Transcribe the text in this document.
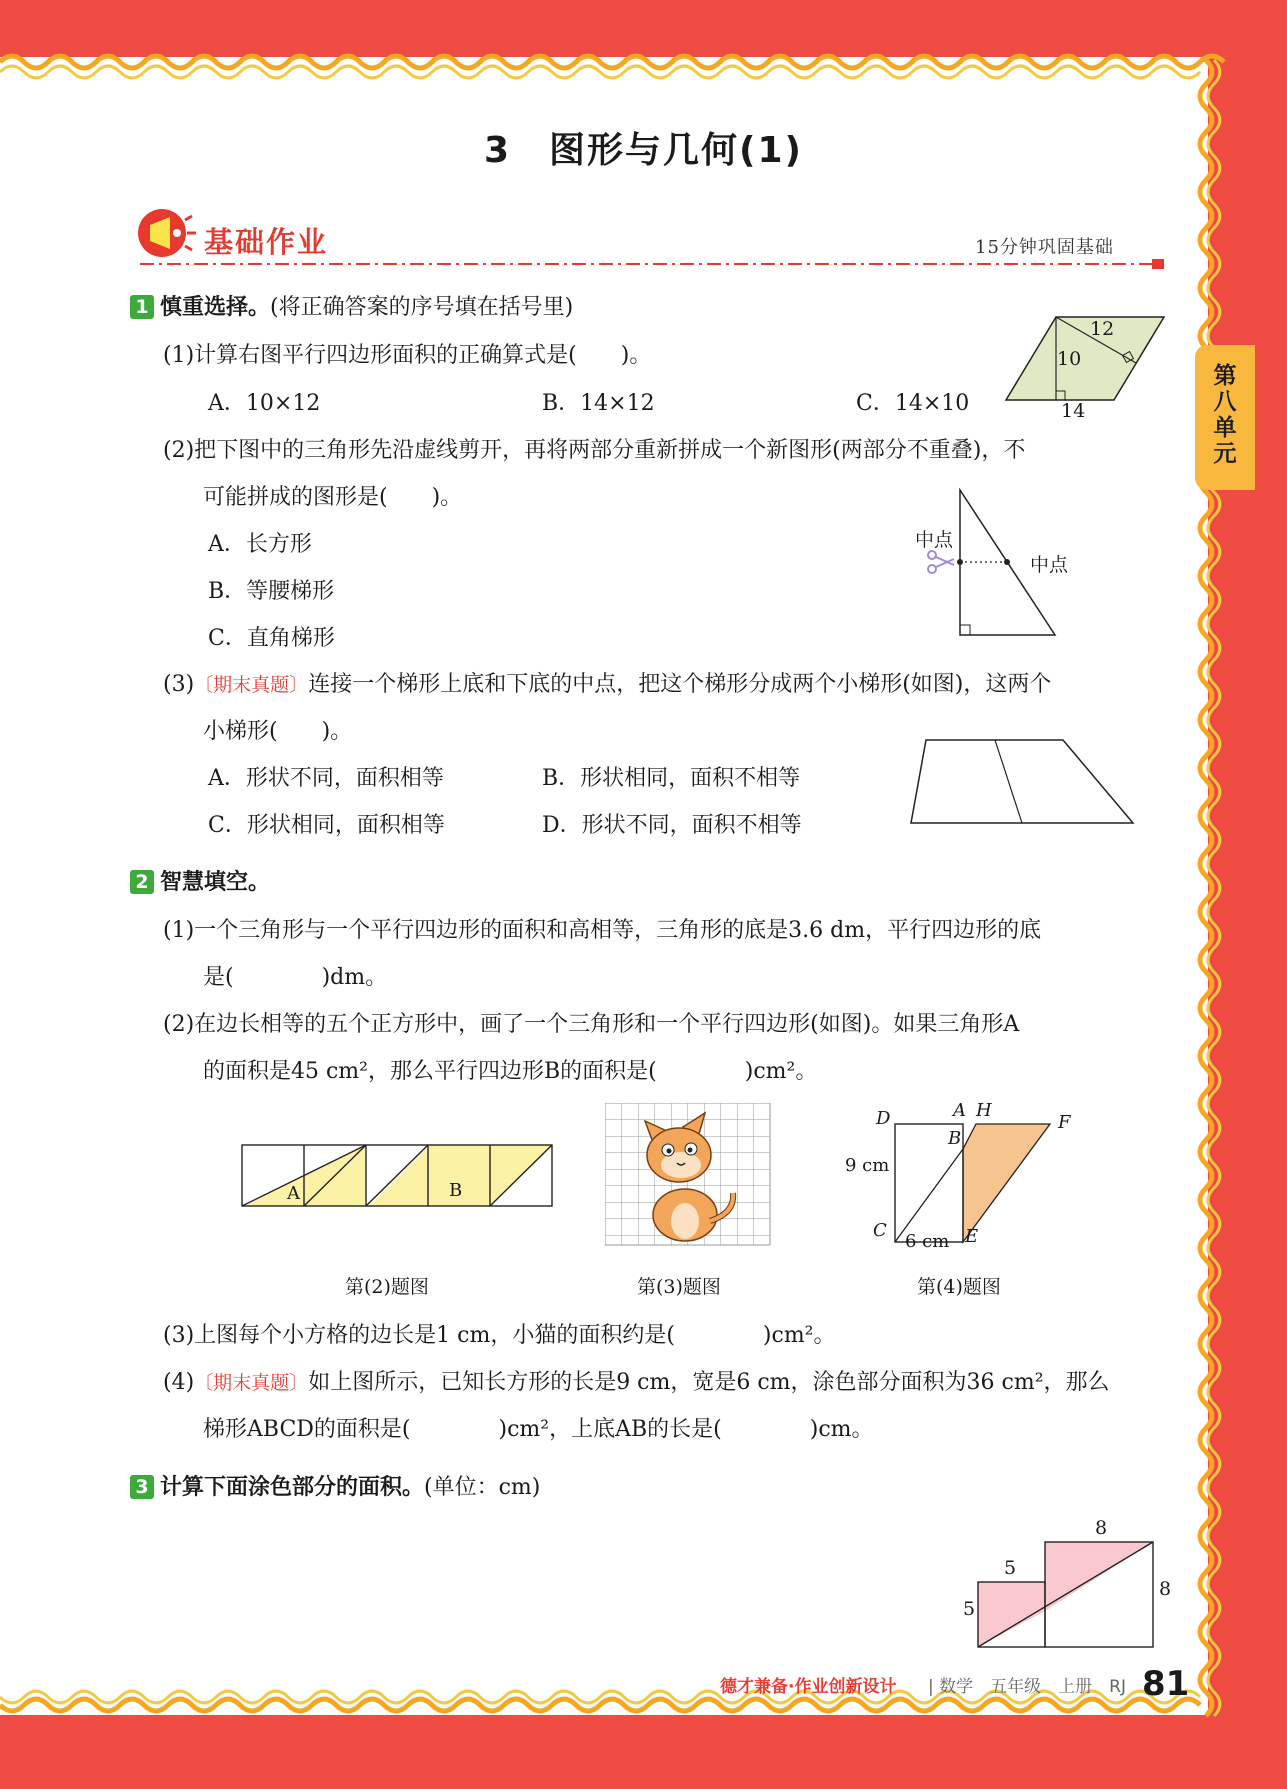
3　图形与几何(1)
基础作业	15分钟巩固基础
第
八
单
元
1 慎重选择。(将正确答案的序号填在括号里)
(1)计算右图平行四边形面积的正确算式是(　　)。
A．10×12	B．14×12	C．14×10
12
10
14
(2)把下图中的三角形先沿虚线剪开，再将两部分重新拼成一个新图形(两部分不重叠)，不
可能拼成的图形是(　　)。
A．长方形
B．等腰梯形
C．直角梯形
中点
中点
(3)〔期末真题〕连接一个梯形上底和下底的中点，把这个梯形分成两个小梯形(如图)，这两个
小梯形(　　)。
A．形状不同，面积相等	B．形状相同，面积不相等
C．形状相同，面积相等	D．形状不同，面积不相等
2 智慧填空。
(1)一个三角形与一个平行四边形的面积和高相等，三角形的底是3.6 dm，平行四边形的底
是(　　　　)dm。
(2)在边长相等的五个正方形中，画了一个三角形和一个平行四边形(如图)。如果三角形A
的面积是45 cm²，那么平行四边形B的面积是(　　　　)cm²。
A	B
第(2)题图	第(3)题图
D	A H
F
B
C	E
9 cm
6 cm
第(4)题图
(3)上图每个小方格的边长是1 cm，小猫的面积约是(　　　　)cm²。
(4)〔期末真题〕如上图所示，已知长方形的长是9 cm，宽是6 cm，涂色部分面积为36 cm²，那么
梯形ABCD的面积是(　　　　)cm²，上底AB的长是(　　　　)cm。
3 计算下面涂色部分的面积。(单位：cm)
8
8
5
5
德才兼备·作业创新设计 | 数学　五年级　上册　RJ 81
